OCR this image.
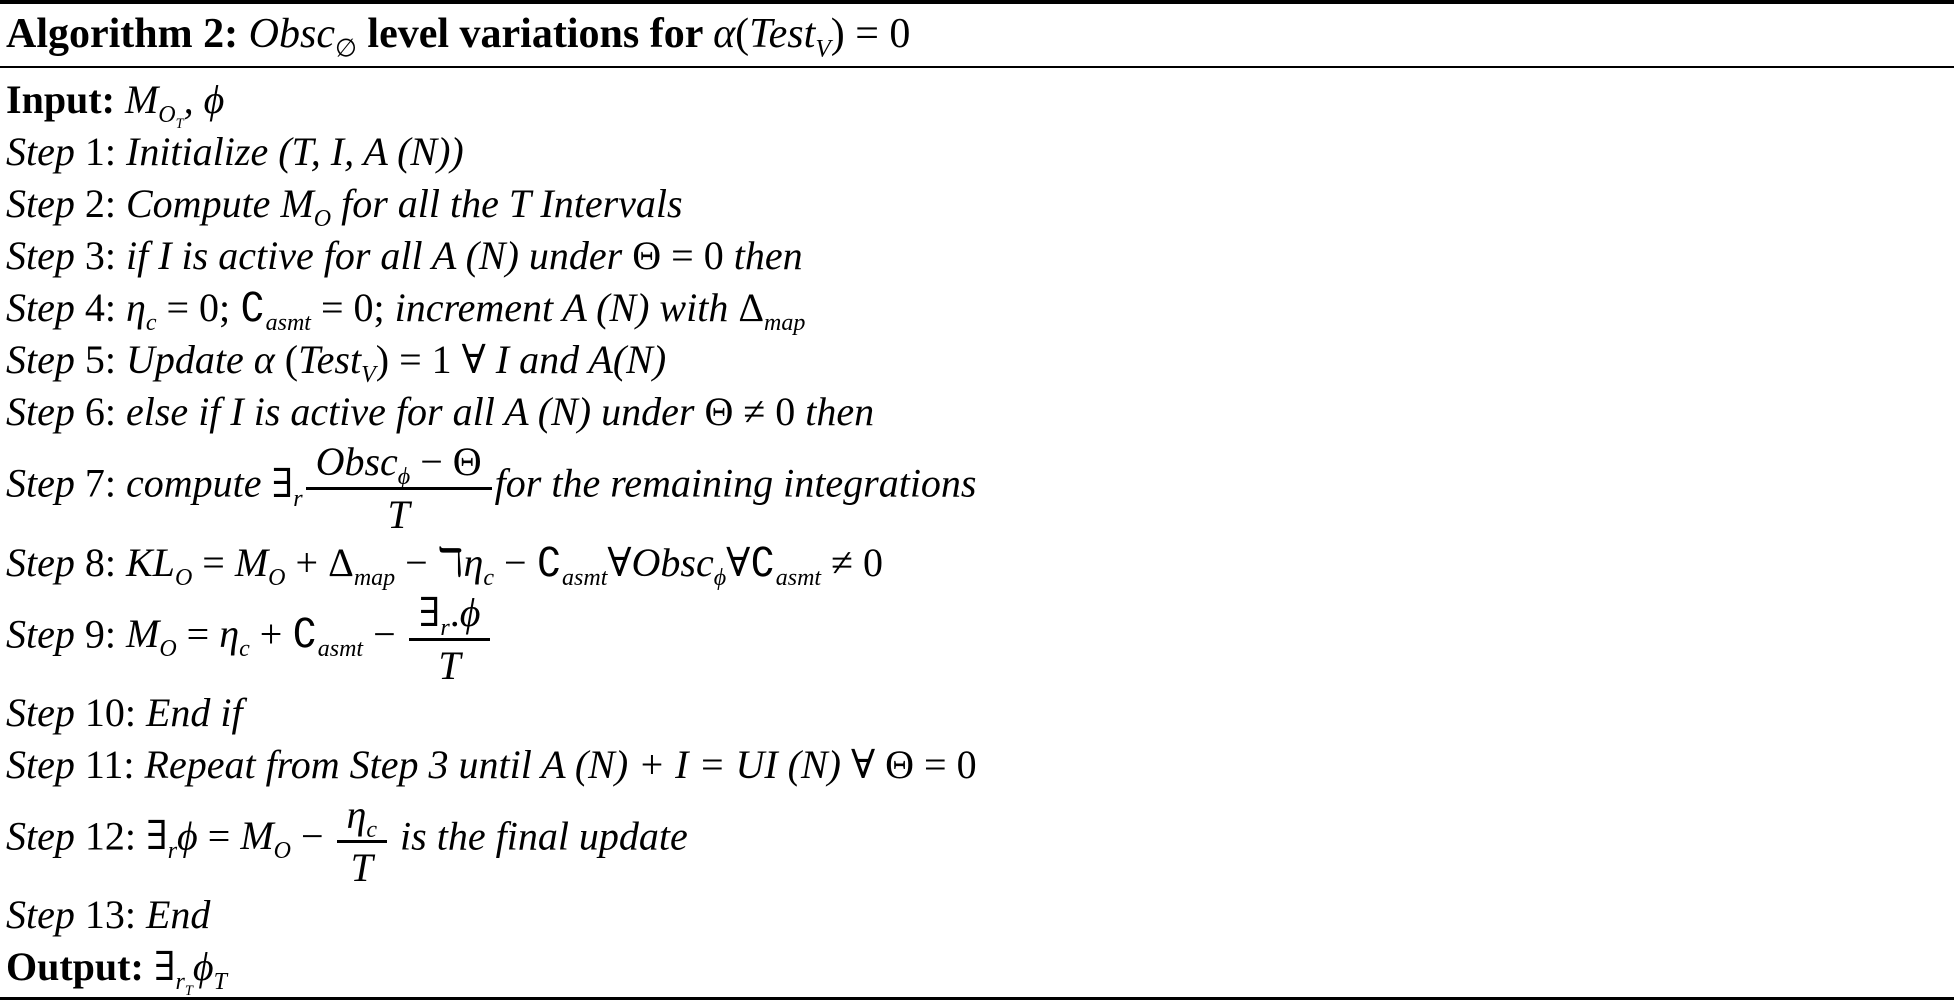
Algorithm 2: Obsc$_\emptyset$ level variations for α(Test$_V$) = 0
Input: $M_{O_T}$, ϕ
Step 1: Initialize (T, I, A (N))
Step 2: Compute $M_O$ for all the T Intervals
Step 3: if I is active for all A (N) under Θ = 0 then
Step 4: $\eta_c = 0$; $∁_{asmt} = 0$; increment A (N) with $\Delta_{map}$
Step 5: Update α (Test$_V$) = 1 ∀ I and A(N)
Step 6: else if I is active for all A (N) under Θ ≠ 0 then
Step 7: compute $\exists_r \frac{Obsc_\phi - \Theta}{T}$ for the remaining integrations
Step 8: $KL_O = M_O + \Delta_{map}$ − ℸη$_c$ − $∁_{asmt}\forall Obsc_\phi\forall∁_{asmt} \ne 0$
Step 9: $M_O = \eta_c$ + $∁_{asmt} - \frac{\exists_r.\phi}{T}$
Step 10: End if
Step 11: Repeat from Step 3 until A (N) + I = UI (N) ∀ Θ = 0
Step 12: $\exists_r\phi = M_O - \frac{\eta_c}{T}$ is the final update
Step 13: End
Output: $\exists_{r_T}\phi_T$
